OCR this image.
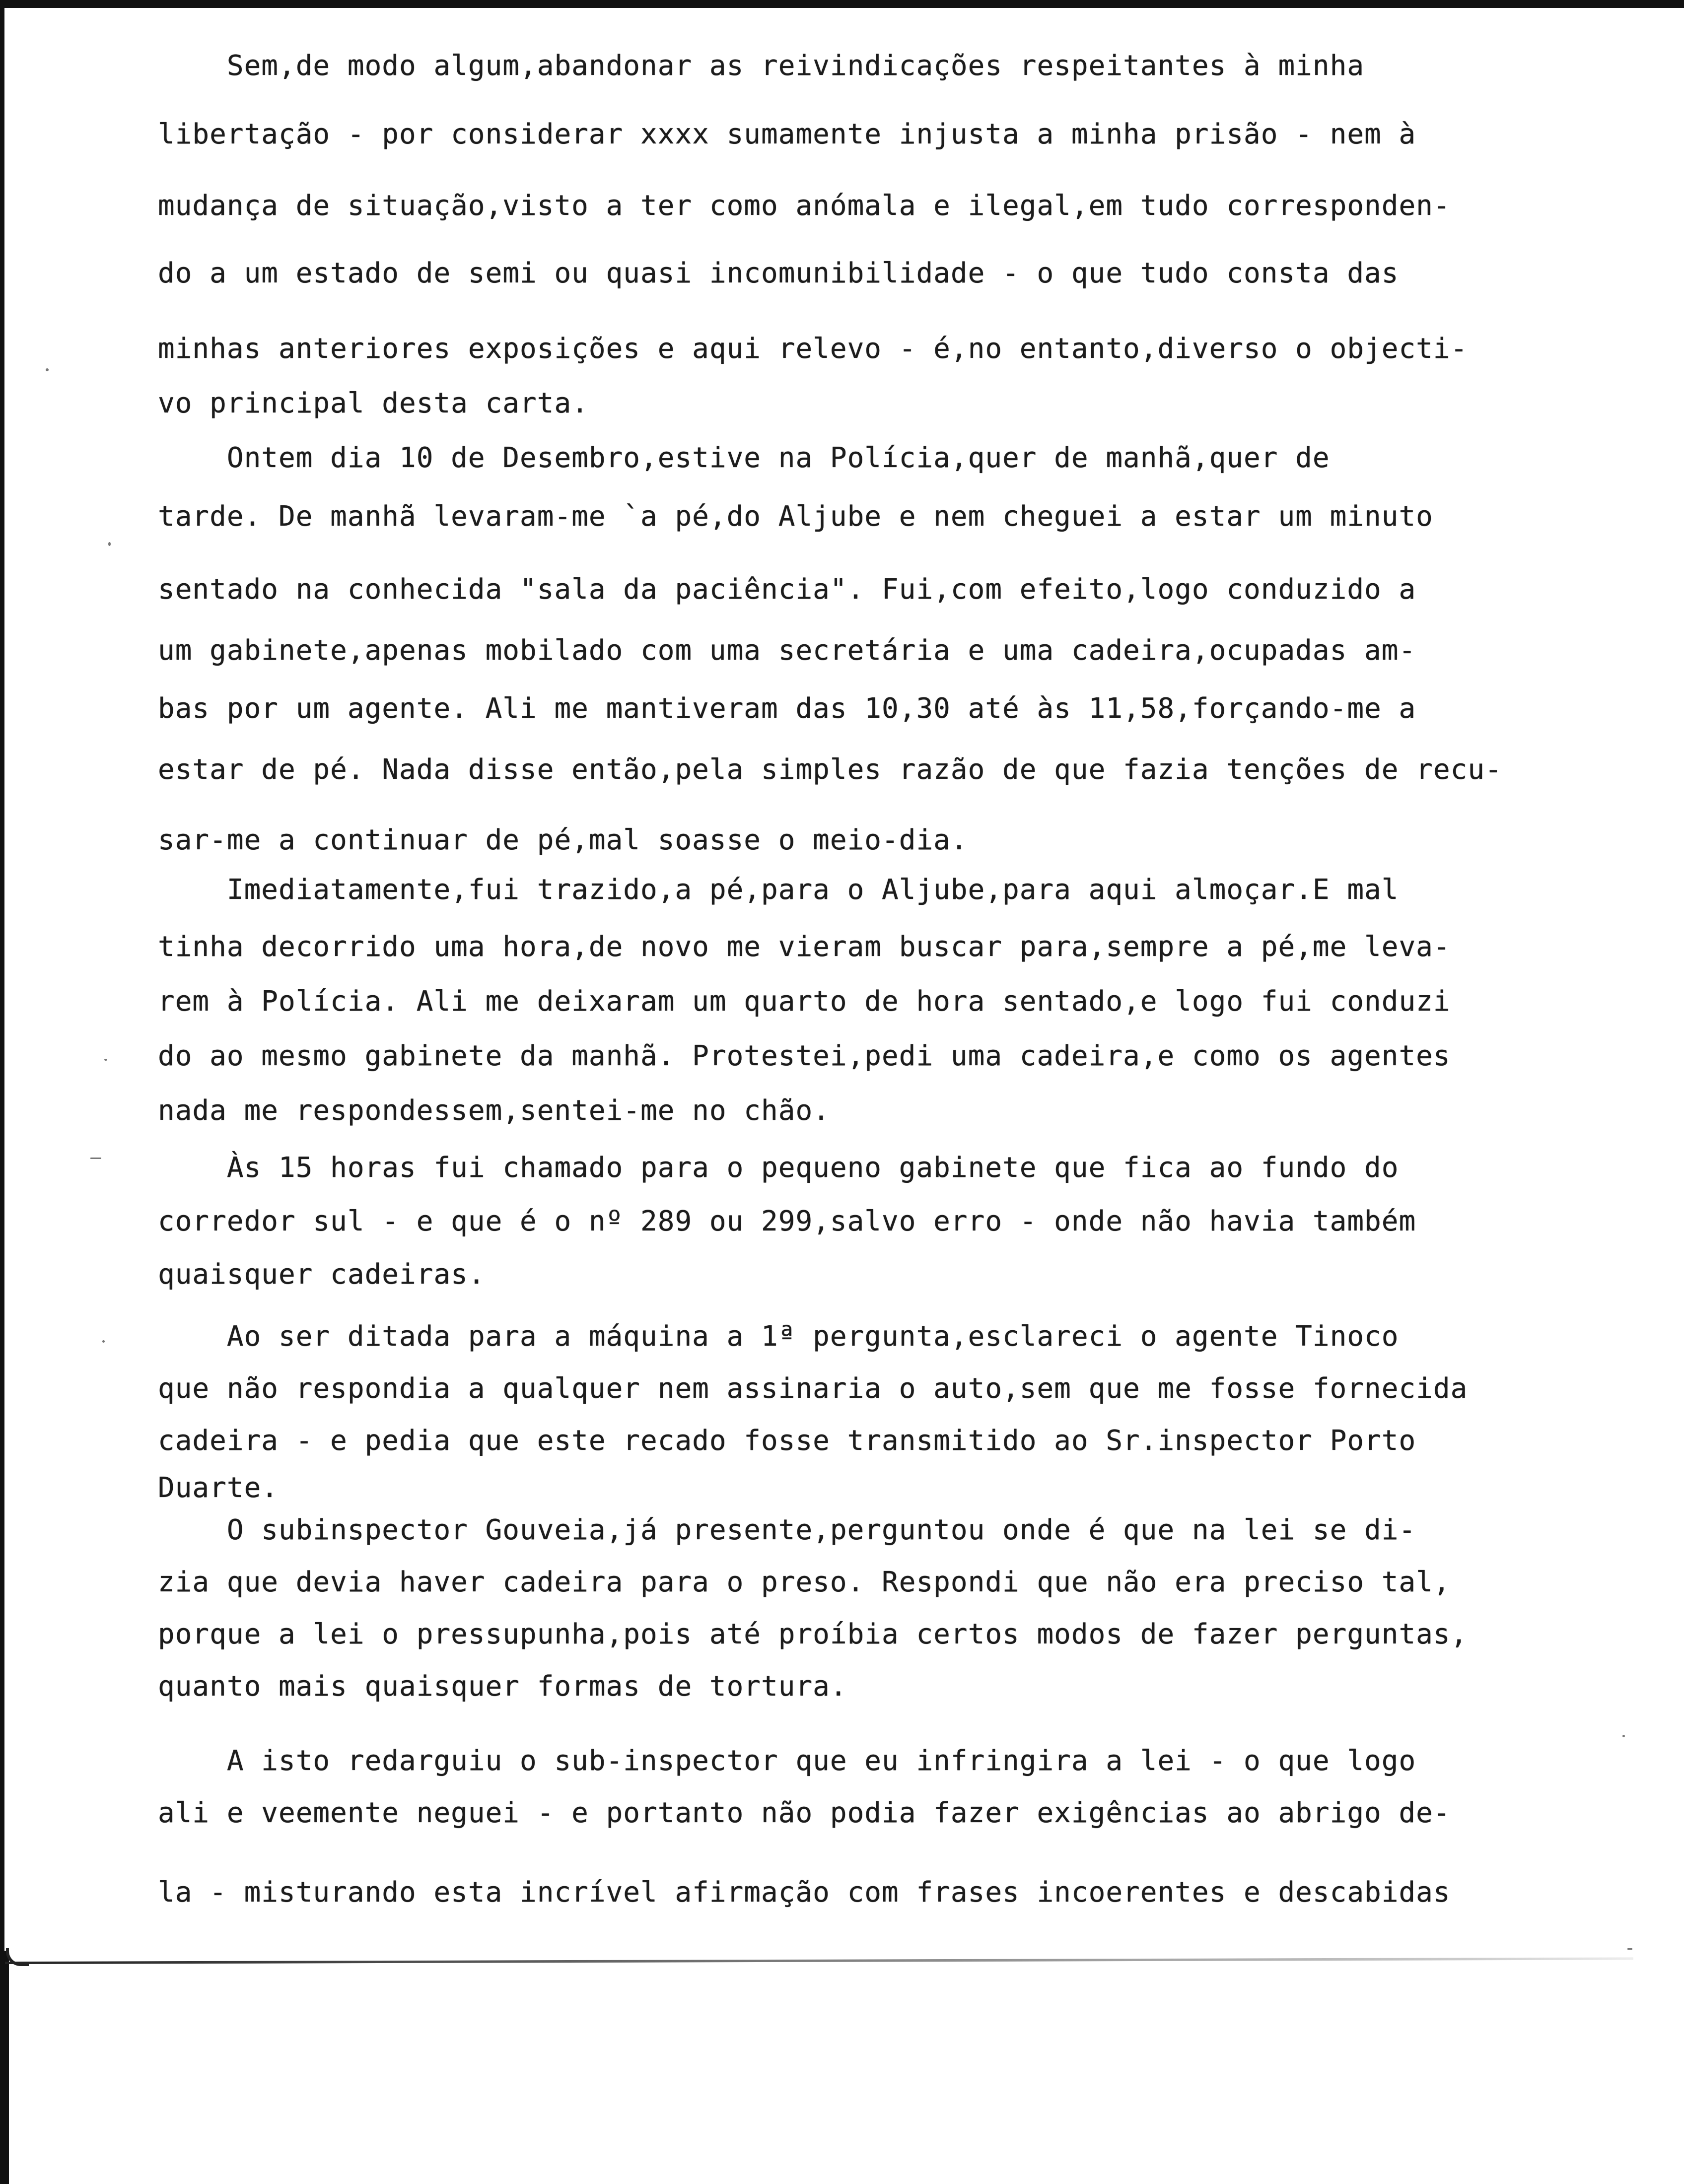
Sem,de modo algum,abandonar as reivindicações respeitantes à minha
libertação - por considerar xxxx sumamente injusta a minha prisão - nem à
mudança de situação,visto a ter como anómala e ilegal,em tudo corresponden-
do a um estado de semi ou quasi incomunibilidade - o que tudo consta das
minhas anteriores exposições e aqui relevo - é,no entanto,diverso o objecti-
vo principal desta carta.
Ontem dia 10 de Desembro,estive na Polícia,quer de manhã,quer de
tarde. De manhã levaram-me `a pé,do Aljube e nem cheguei a estar um minuto
sentado na conhecida "sala da paciência". Fui,com efeito,logo conduzido a
um gabinete,apenas mobilado com uma secretária e uma cadeira,ocupadas am-
bas por um agente. Ali me mantiveram das 10,30 até às 11,58,forçando-me a
estar de pé. Nada disse então,pela simples razão de que fazia tenções de recu-
sar-me a continuar de pé,mal soasse o meio-dia.
Imediatamente,fui trazido,a pé,para o Aljube,para aqui almoçar.E mal
tinha decorrido uma hora,de novo me vieram buscar para,sempre a pé,me leva-
rem à Polícia. Ali me deixaram um quarto de hora sentado,e logo fui conduzi
do ao mesmo gabinete da manhã. Protestei,pedi uma cadeira,e como os agentes
nada me respondessem,sentei-me no chão.
Às 15 horas fui chamado para o pequeno gabinete que fica ao fundo do
corredor sul - e que é o nº 289 ou 299,salvo erro - onde não havia também
quaisquer cadeiras.
Ao ser ditada para a máquina a 1ª pergunta,esclareci o agente Tinoco
que não respondia a qualquer nem assinaria o auto,sem que me fosse fornecida
cadeira - e pedia que este recado fosse transmitido ao Sr.inspector Porto
Duarte.
O subinspector Gouveia,já presente,perguntou onde é que na lei se di-
zia que devia haver cadeira para o preso. Respondi que não era preciso tal,
porque a lei o pressupunha,pois até proíbia certos modos de fazer perguntas,
quanto mais quaisquer formas de tortura.
A isto redarguiu o sub-inspector que eu infringira a lei - o que logo
ali e veemente neguei - e portanto não podia fazer exigências ao abrigo de-
la - misturando esta incrível afirmação com frases incoerentes e descabidas
